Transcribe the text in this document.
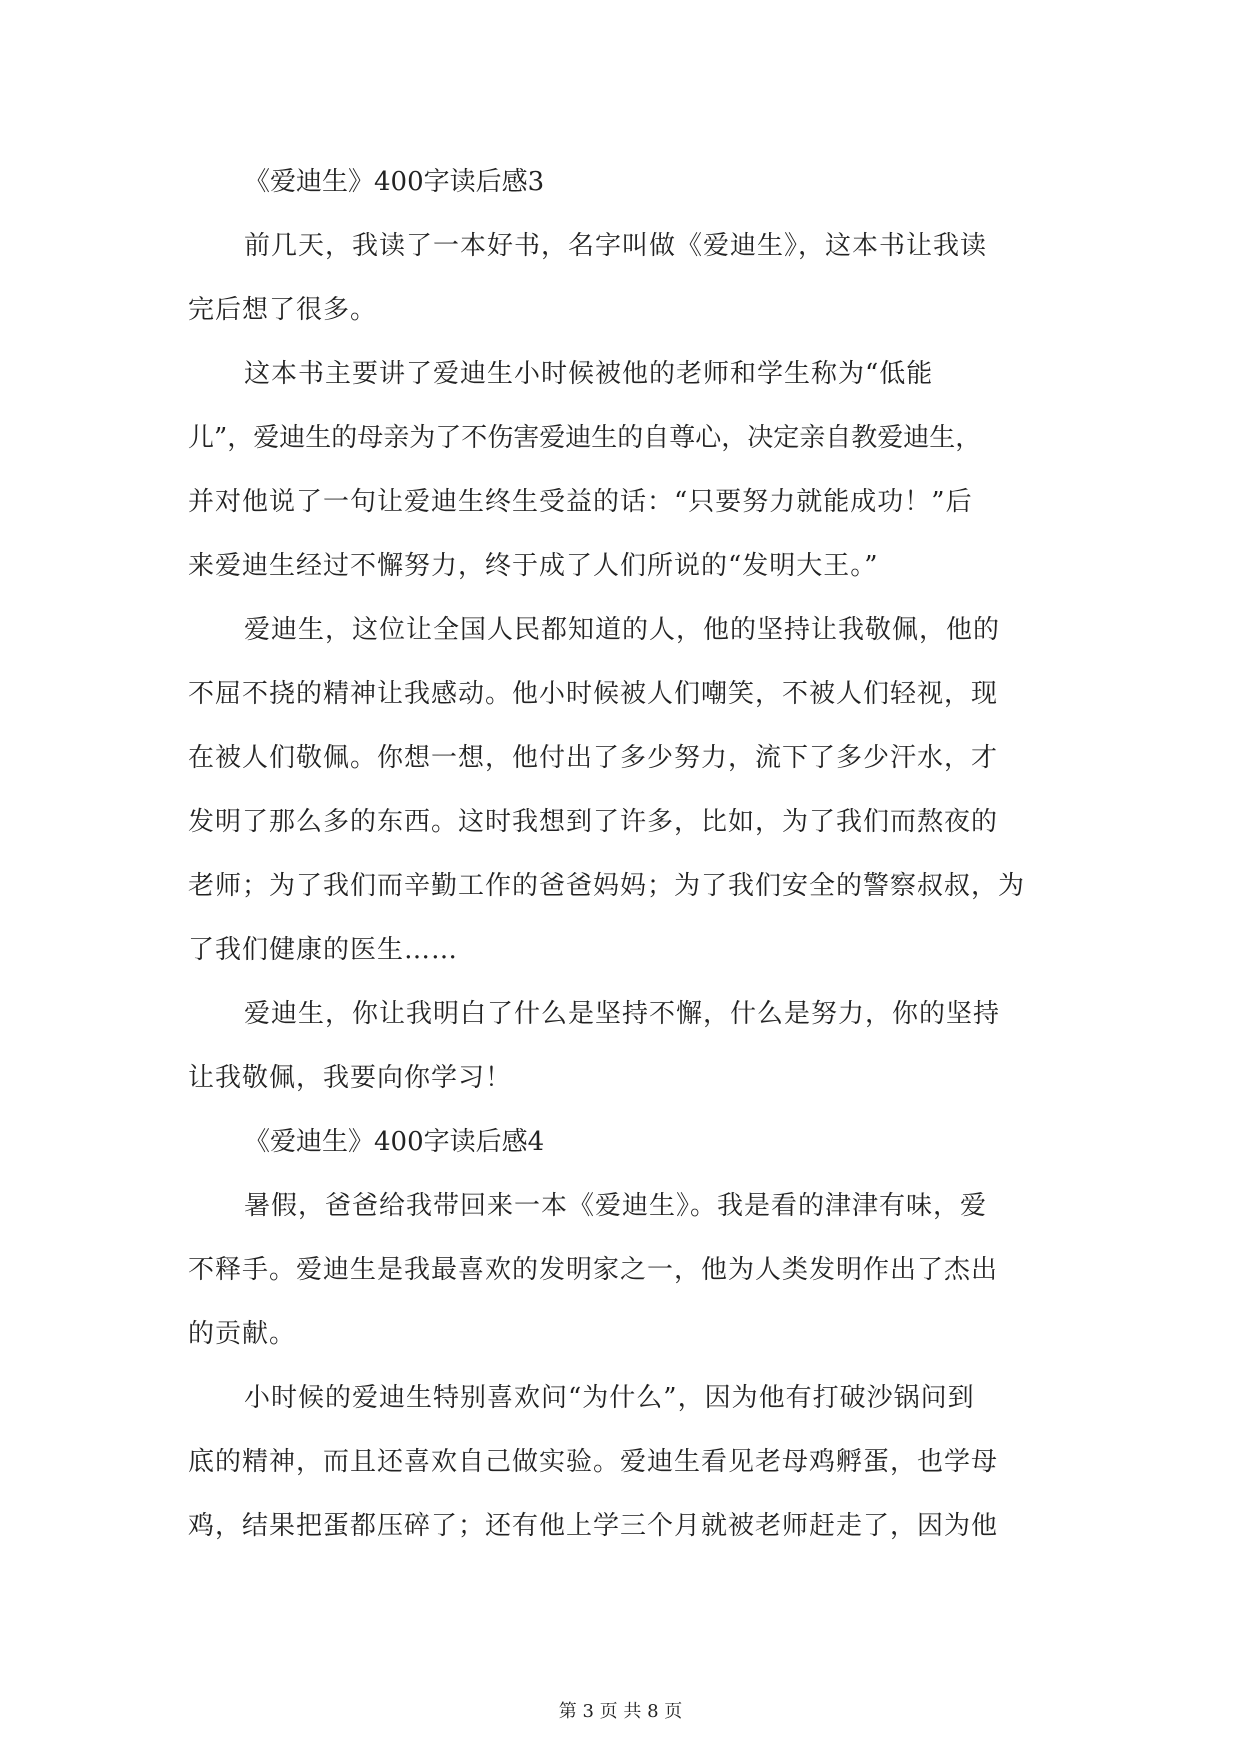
《爱迪生》400字读后感3
前几天，我读了一本好书，名字叫做《爱迪生》，这本书让我读
完后想了很多。
这本书主要讲了爱迪生小时候被他的老师和学生称为“低能
儿”，爱迪生的母亲为了不伤害爱迪生的自尊心，决定亲自教爱迪生，
并对他说了一句让爱迪生终生受益的话：“只要努力就能成功！”后
来爱迪生经过不懈努力，终于成了人们所说的“发明大王。”
爱迪生，这位让全国人民都知道的人，他的坚持让我敬佩，他的
不屈不挠的精神让我感动。他小时候被人们嘲笑，不被人们轻视，现
在被人们敬佩。你想一想，他付出了多少努力，流下了多少汗水，才
发明了那么多的东西。这时我想到了许多，比如，为了我们而熬夜的
老师；为了我们而辛勤工作的爸爸妈妈；为了我们安全的警察叔叔，为
了我们健康的医生……
爱迪生，你让我明白了什么是坚持不懈，什么是努力，你的坚持
让我敬佩，我要向你学习！
《爱迪生》400字读后感4
暑假，爸爸给我带回来一本《爱迪生》。我是看的津津有味，爱
不释手。爱迪生是我最喜欢的发明家之一，他为人类发明作出了杰出
的贡献。
小时候的爱迪生特别喜欢问“为什么”，因为他有打破沙锅问到
底的精神，而且还喜欢自己做实验。爱迪生看见老母鸡孵蛋，也学母
鸡，结果把蛋都压碎了；还有他上学三个月就被老师赶走了，因为他
第 3 页 共 8 页
